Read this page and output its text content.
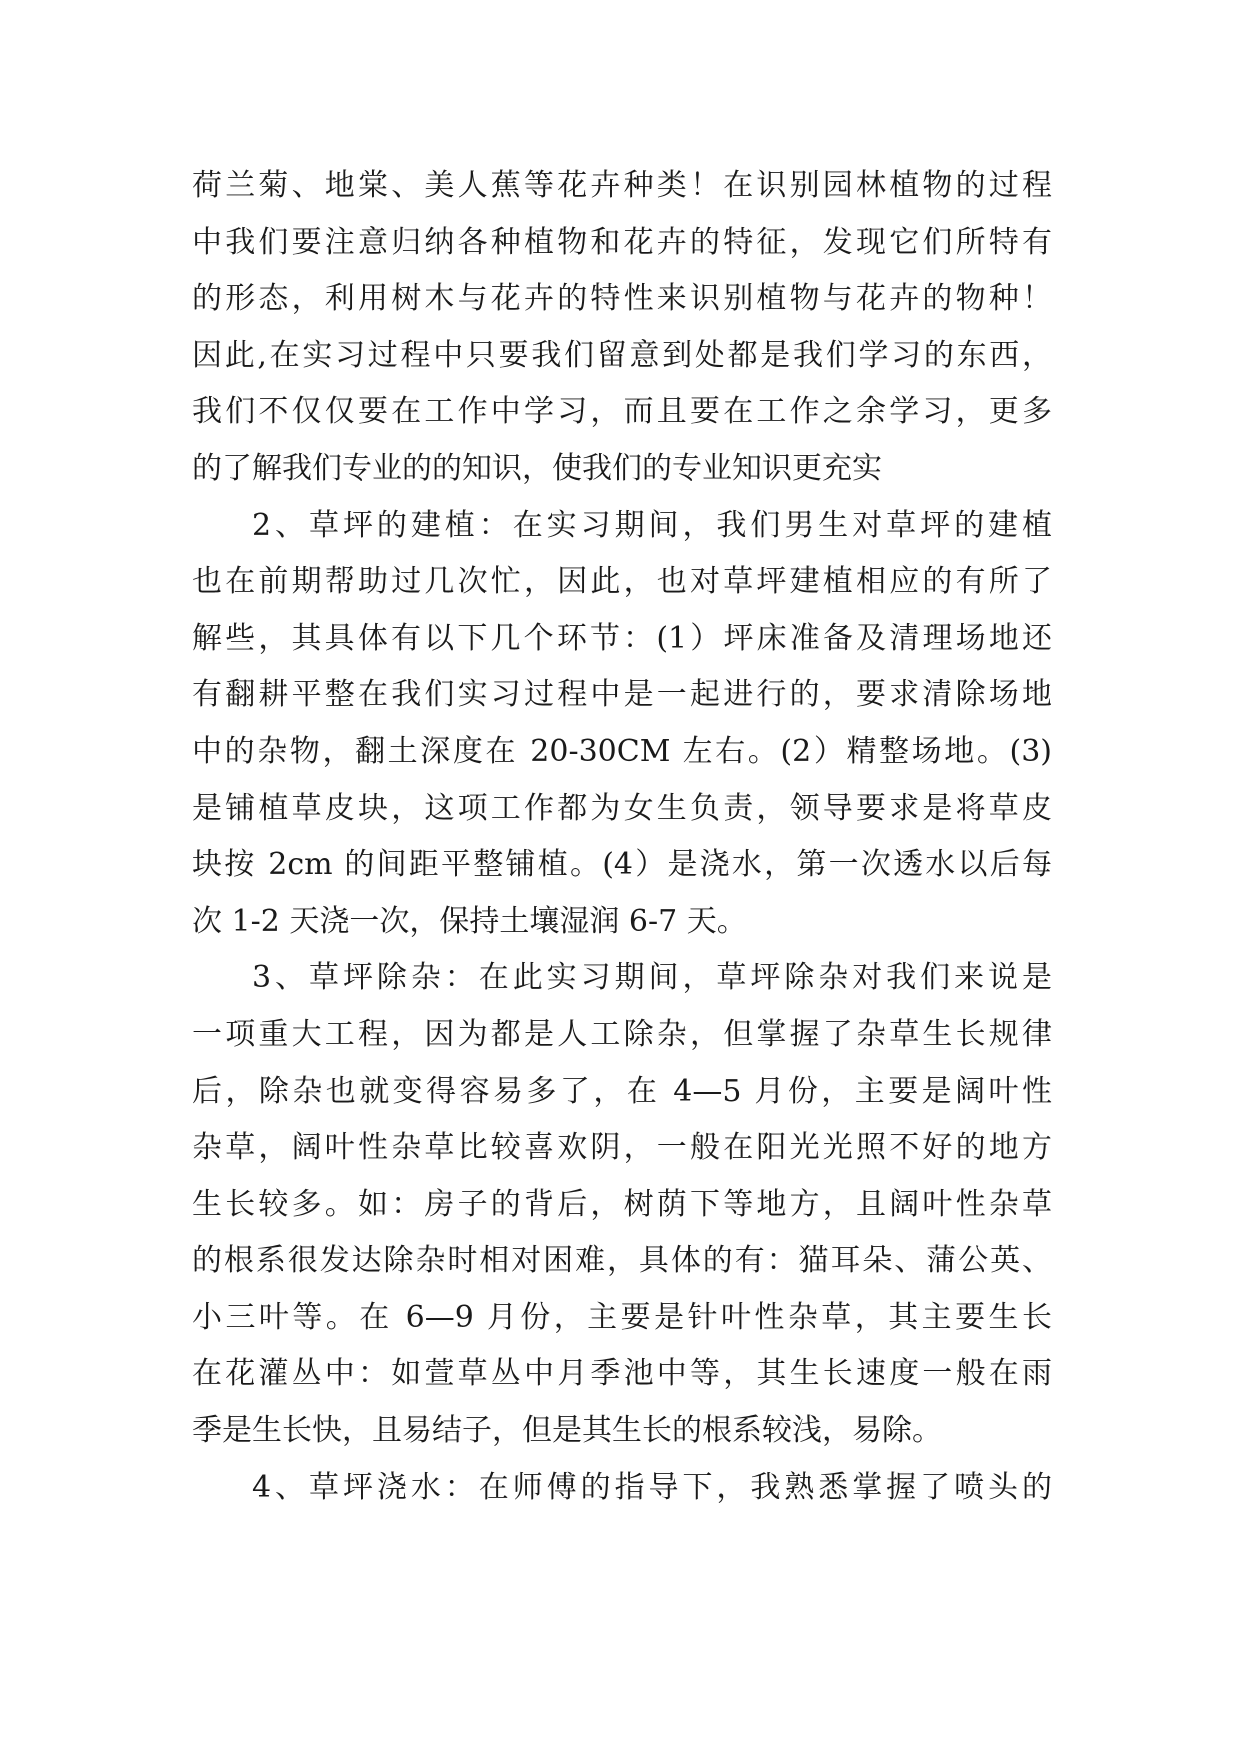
荷兰菊、地棠、美人蕉等花卉种类！在识别园林植物的过程
中我们要注意归纳各种植物和花卉的特征，发现它们所特有
的形态，利用树木与花卉的特性来识别植物与花卉的物种！
因此,在实习过程中只要我们留意到处都是我们学习的东西，
我们不仅仅要在工作中学习，而且要在工作之余学习，更多
的了解我们专业的的知识，使我们的专业知识更充实
2、草坪的建植：在实习期间，我们男生对草坪的建植
也在前期帮助过几次忙，因此，也对草坪建植相应的有所了
解些，其具体有以下几个环节：(1）坪床准备及清理场地还
有翻耕平整在我们实习过程中是一起进行的，要求清除场地
中的杂物，翻土深度在 20-30CM 左右。(2）精整场地。(3)
是铺植草皮块，这项工作都为女生负责，领导要求是将草皮
块按 2cm 的间距平整铺植。(4）是浇水，第一次透水以后每
次 1-2 天浇一次，保持土壤湿润 6-7 天。
3、草坪除杂：在此实习期间，草坪除杂对我们来说是
一项重大工程，因为都是人工除杂，但掌握了杂草生长规律
后，除杂也就变得容易多了，在 4—5 月份，主要是阔叶性
杂草，阔叶性杂草比较喜欢阴，一般在阳光光照不好的地方
生长较多。如：房子的背后，树荫下等地方，且阔叶性杂草
的根系很发达除杂时相对困难，具体的有：猫耳朵、蒲公英、
小三叶等。在 6—9 月份，主要是针叶性杂草，其主要生长
在花灌丛中：如萱草丛中月季池中等，其生长速度一般在雨
季是生长快，且易结子，但是其生长的根系较浅，易除。
4、草坪浇水：在师傅的指导下，我熟悉掌握了喷头的
